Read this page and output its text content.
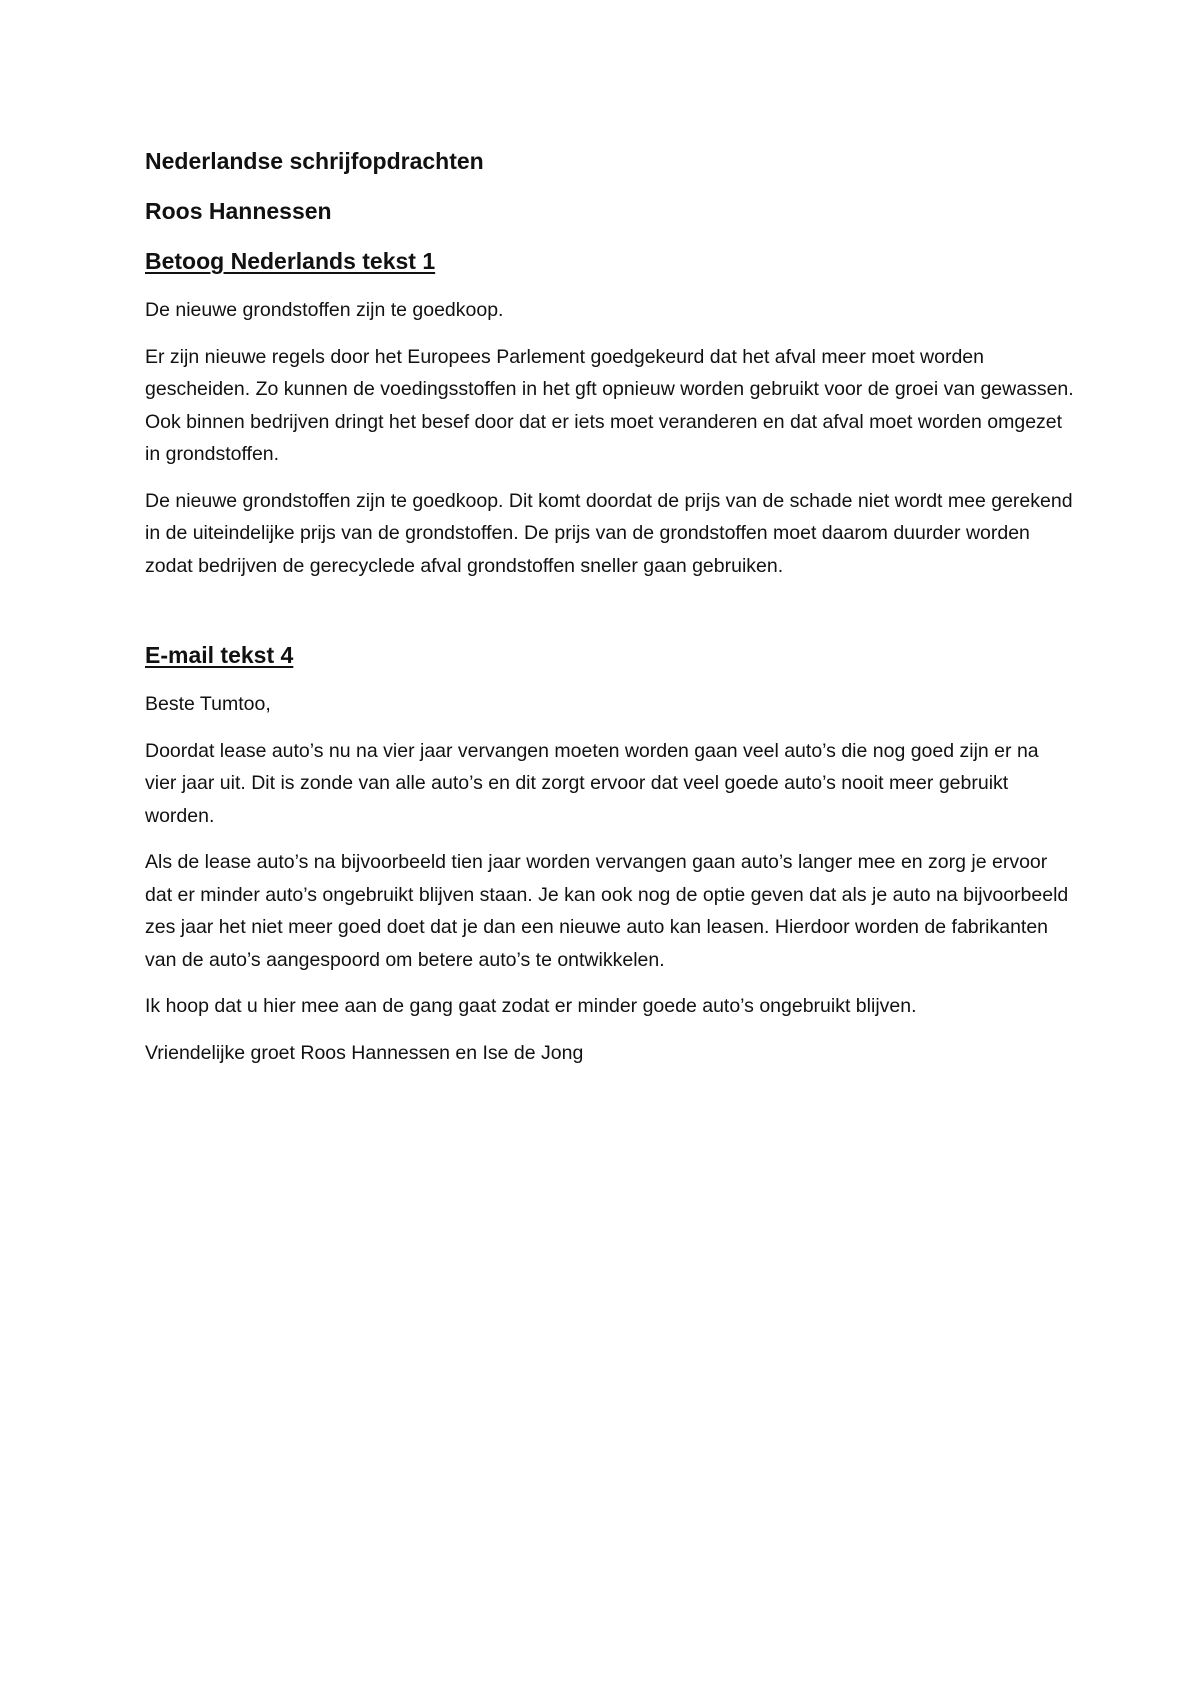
Nederlandse schrijfopdrachten
Roos Hannessen
Betoog Nederlands tekst 1

De nieuwe grondstoffen zijn te goedkoop.

Er zijn nieuwe regels door het Europees Parlement goedgekeurd dat het afval meer moet worden gescheiden. Zo kunnen de voedingsstoffen in het gft opnieuw worden gebruikt voor de groei van gewassen. Ook binnen bedrijven dringt het besef door dat er iets moet veranderen en dat afval moet worden omgezet in grondstoffen.

De nieuwe grondstoffen zijn te goedkoop. Dit komt doordat de prijs van de schade niet wordt mee gerekend in de uiteindelijke prijs van de grondstoffen. De prijs van de grondstoffen moet daarom duurder worden zodat bedrijven de gerecyclede afval grondstoffen sneller gaan gebruiken.

E-mail tekst 4

Beste Tumtoo,

Doordat lease auto’s nu na vier jaar vervangen moeten worden gaan veel auto’s die nog goed zijn er na vier jaar uit. Dit is zonde van alle auto’s en dit zorgt ervoor dat veel goede auto’s nooit meer gebruikt worden.

Als de lease auto’s na bijvoorbeeld tien jaar worden vervangen gaan auto’s langer mee en zorg je ervoor dat er minder auto’s ongebruikt blijven staan. Je kan ook nog de optie geven dat als je auto na bijvoorbeeld zes jaar het niet meer goed doet dat je dan een nieuwe auto kan leasen. Hierdoor worden de fabrikanten van de auto’s aangespoord om betere auto’s te ontwikkelen.

Ik hoop dat u hier mee aan de gang gaat zodat er minder goede auto’s ongebruikt blijven.

Vriendelijke groet Roos Hannessen en Ise de Jong
